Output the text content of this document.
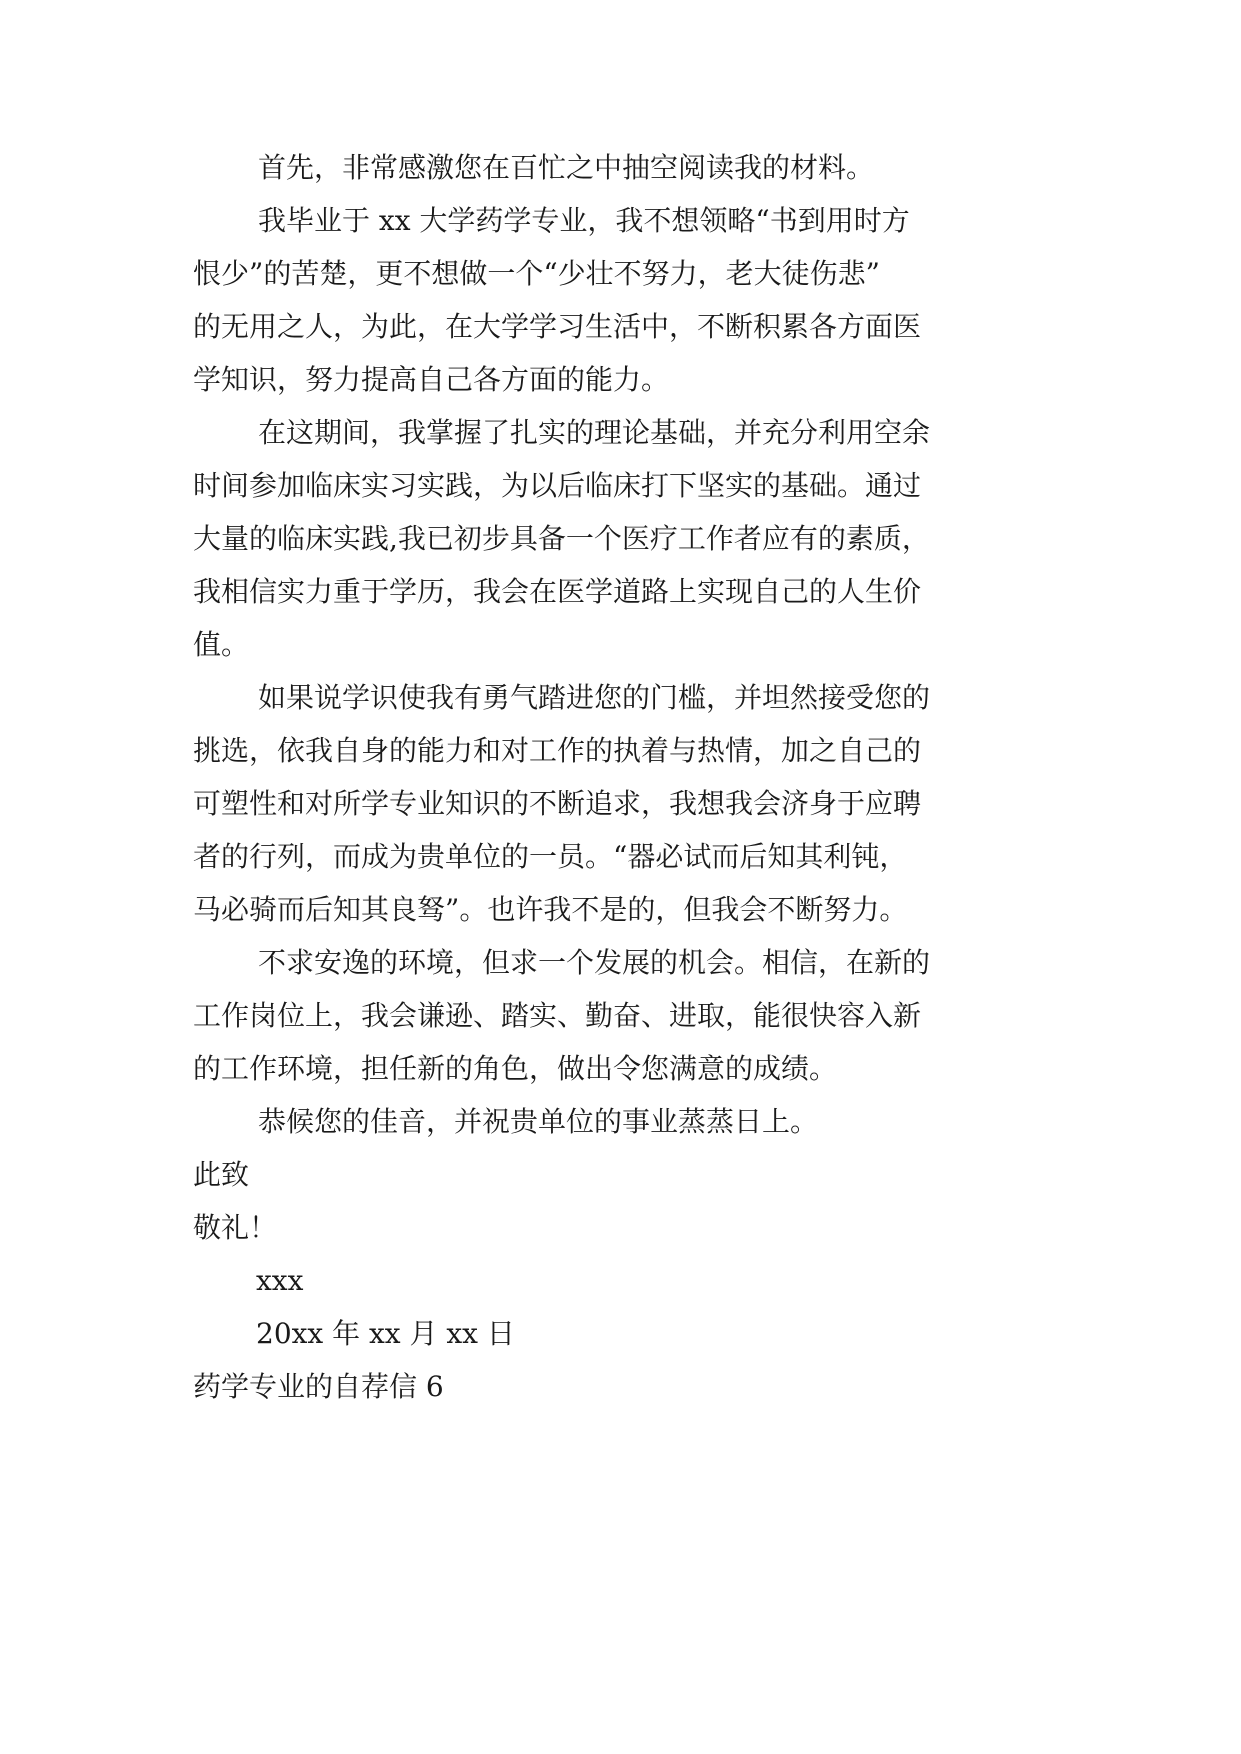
首先，非常感激您在百忙之中抽空阅读我的材料。

我毕业于 xx 大学药学专业，我不想领略“书到用时方

恨少”的苦楚，更不想做一个“少壮不努力，老大徒伤悲”

的无用之人，为此，在大学学习生活中，不断积累各方面医

学知识，努力提高自己各方面的能力。

在这期间，我掌握了扎实的理论基础，并充分利用空余

时间参加临床实习实践，为以后临床打下坚实的基础。通过

大量的临床实践,我已初步具备一个医疗工作者应有的素质，

我相信实力重于学历，我会在医学道路上实现自己的人生价

值。

如果说学识使我有勇气踏进您的门槛，并坦然接受您的

挑选，依我自身的能力和对工作的执着与热情，加之自己的

可塑性和对所学专业知识的不断追求，我想我会济身于应聘

者的行列，而成为贵单位的一员。“器必试而后知其利钝，

马必骑而后知其良驽”。也许我不是的，但我会不断努力。

不求安逸的环境，但求一个发展的机会。相信，在新的

工作岗位上，我会谦逊、踏实、勤奋、进取，能很快容入新

的工作环境，担任新的角色，做出令您满意的成绩。

恭候您的佳音，并祝贵单位的事业蒸蒸日上。

此致

敬礼！

xxx

20xx 年 xx 月 xx 日

药学专业的自荐信 6
